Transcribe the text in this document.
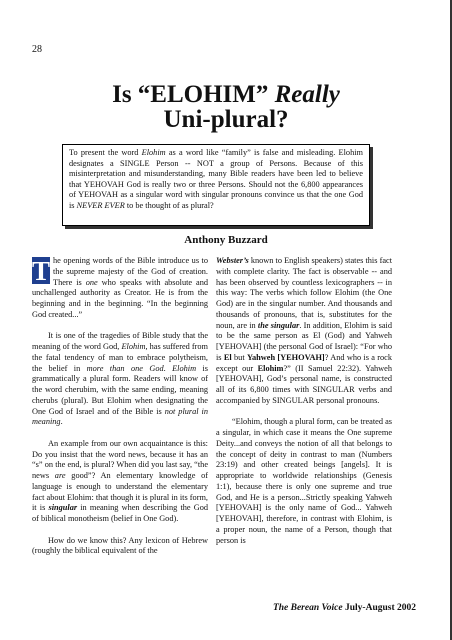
28
Is “ELOHIM” Really
Uni-plural?
To present the word Elohim as a word like “family” is false and misleading. Elohim designates a SINGLE Person -- NOT a group of Persons. Because of this misinterpretation and misunderstanding, many Bible readers have been led to believe that YEHOVAH God is really two or three Persons. Should not the 6,800 appearances of YEHOVAH as a singular word with singular pronouns convince us that the one God is NEVER EVER to be thought of as plural?
Anthony Buzzard

T he opening words of the Bible introduce us to the supreme majesty of the God of creation. There is one who speaks with absolute and unchallenged authority as Creator. He is from the beginning and in the beginning. “In the beginning God created...”

It is one of the tragedies of Bible study that the meaning of the word God, Elohim, has suffered from the fatal tendency of man to embrace polytheism, the belief in more than one God. Elohim is grammatically a plural form. Readers will know of the word cherubim, with the same ending, meaning cherubs (plural). But Elohim when designating the One God of Israel and of the Bible is not plural in meaning.

An example from our own acquaintance is this: Do you insist that the word news, because it has an “s” on the end, is plural? When did you last say, “the news are good”? An elementary knowledge of language is enough to understand the elementary fact about Elohim: that though it is plural in its form, it is singular in meaning when describing the God of biblical monotheism (belief in One God).

How do we know this? Any lexicon of Hebrew (roughly the biblical equivalent of the

Webster’s known to English speakers) states this fact with complete clarity. The fact is observable -- and has been observed by countless lexicographers -- in this way: The verbs which follow Elohim (the One God) are in the singular number. And thousands and thousands of pronouns, that is, substitutes for the noun, are in the singular. In addition, Elohim is said to be the same person as El (God) and Yahweh [YEHOVAH] (the personal God of Israel): “For who is El but Yahweh [YEHOVAH]? And who is a rock except our Elohim?” (II Samuel 22:32). Yahweh [YEHOVAH], God’s personal name, is constructed all of its 6,800 times with SINGULAR verbs and accompanied by SINGULAR personal pronouns.

“Elohim, though a plural form, can be treated as a singular, in which case it means the One supreme Deity...and conveys the notion of all that belongs to the concept of deity in contrast to man (Numbers 23:19) and other created beings [angels]. It is appropriate to worldwide relationships (Genesis 1:1), because there is only one supreme and true God, and He is a person...Strictly speaking Yahweh [YEHOVAH] is the only name of God... Yahweh [YEHOVAH], therefore, in contrast with Elohim, is a proper noun, the name of a Person, though that person is

The Berean Voice July-August 2002
